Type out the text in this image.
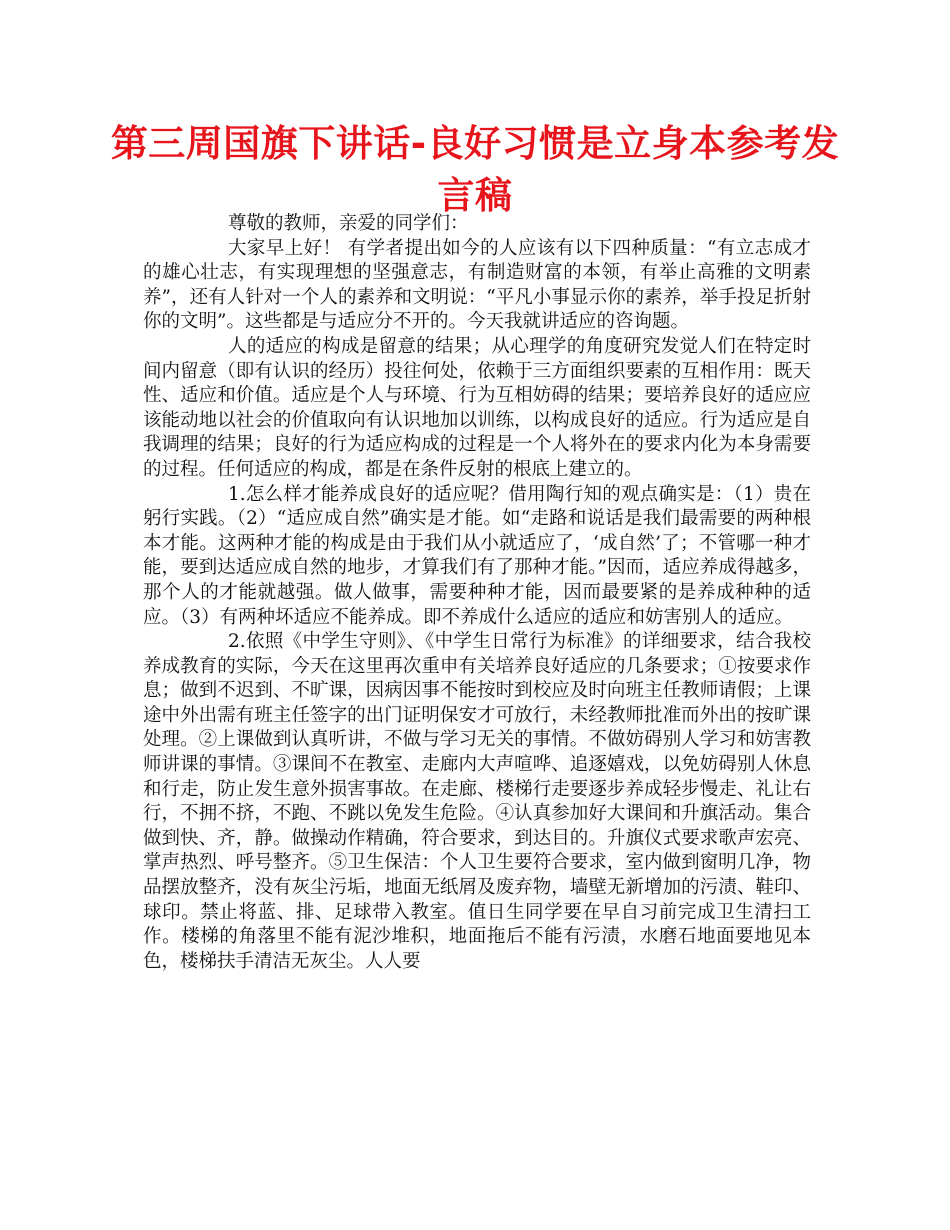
第三周国旗下讲话-良好习惯是立身本参考发言稿

尊敬的教师，亲爱的同学们：

大家早上好！ 有学者提出如今的人应该有以下四种质量：“有立志成才的雄心壮志，有实现理想的坚强意志，有制造财富的本领，有举止高雅的文明素养”，还有人针对一个人的素养和文明说：“平凡小事显示你的素养，举手投足折射你的文明”。这些都是与适应分不开的。今天我就讲适应的咨询题。

人的适应的构成是留意的结果；从心理学的角度研究发觉人们在特定时间内留意（即有认识的经历）投往何处，依赖于三方面组织要素的互相作用：既天性、适应和价值。适应是个人与环境、行为互相妨碍的结果；要培养良好的适应应该能动地以社会的价值取向有认识地加以训练，以构成良好的适应。行为适应是自我调理的结果；良好的行为适应构成的过程是一个人将外在的要求内化为本身需要的过程。任何适应的构成，都是在条件反射的根底上建立的。

1.怎么样才能养成良好的适应呢？借用陶行知的观点确实是：（1）贵在躬行实践。（2）“适应成自然”确实是才能。如“走路和说话是我们最需要的两种根本才能。这两种才能的构成是由于我们从小就适应了，‘成自然’了；不管哪一种才能，要到达适应成自然的地步，才算我们有了那种才能。”因而，适应养成得越多，那个人的才能就越强。做人做事，需要种种才能，因而最要紧的是养成种种的适应。（3）有两种坏适应不能养成。即不养成什么适应的适应和妨害别人的适应。

2.依照《中学生守则》、《中学生日常行为标准》的详细要求，结合我校养成教育的实际，今天在这里再次重申有关培养良好适应的几条要求；①按要求作息；做到不迟到、不旷课，因病因事不能按时到校应及时向班主任教师请假；上课途中外出需有班主任签字的出门证明保安才可放行，未经教师批准而外出的按旷课处理。②上课做到认真听讲，不做与学习无关的事情。不做妨碍别人学习和妨害教师讲课的事情。③课间不在教室、走廊内大声喧哗、追逐嬉戏，以免妨碍别人休息和行走，防止发生意外损害事故。在走廊、楼梯行走要逐步养成轻步慢走、礼让右行，不拥不挤，不跑、不跳以免发生危险。④认真参加好大课间和升旗活动。集合做到快、齐，静。做操动作精确，符合要求，到达目的。升旗仪式要求歌声宏亮、掌声热烈、呼号整齐。⑤卫生保洁：个人卫生要符合要求，室内做到窗明几净，物品摆放整齐，没有灰尘污垢，地面无纸屑及废弃物，墙壁无新增加的污渍、鞋印、球印。禁止将蓝、排、足球带入教室。值日生同学要在早自习前完成卫生清扫工作。楼梯的角落里不能有泥沙堆积，地面拖后不能有污渍，水磨石地面要地见本色，楼梯扶手清洁无灰尘。人人要
